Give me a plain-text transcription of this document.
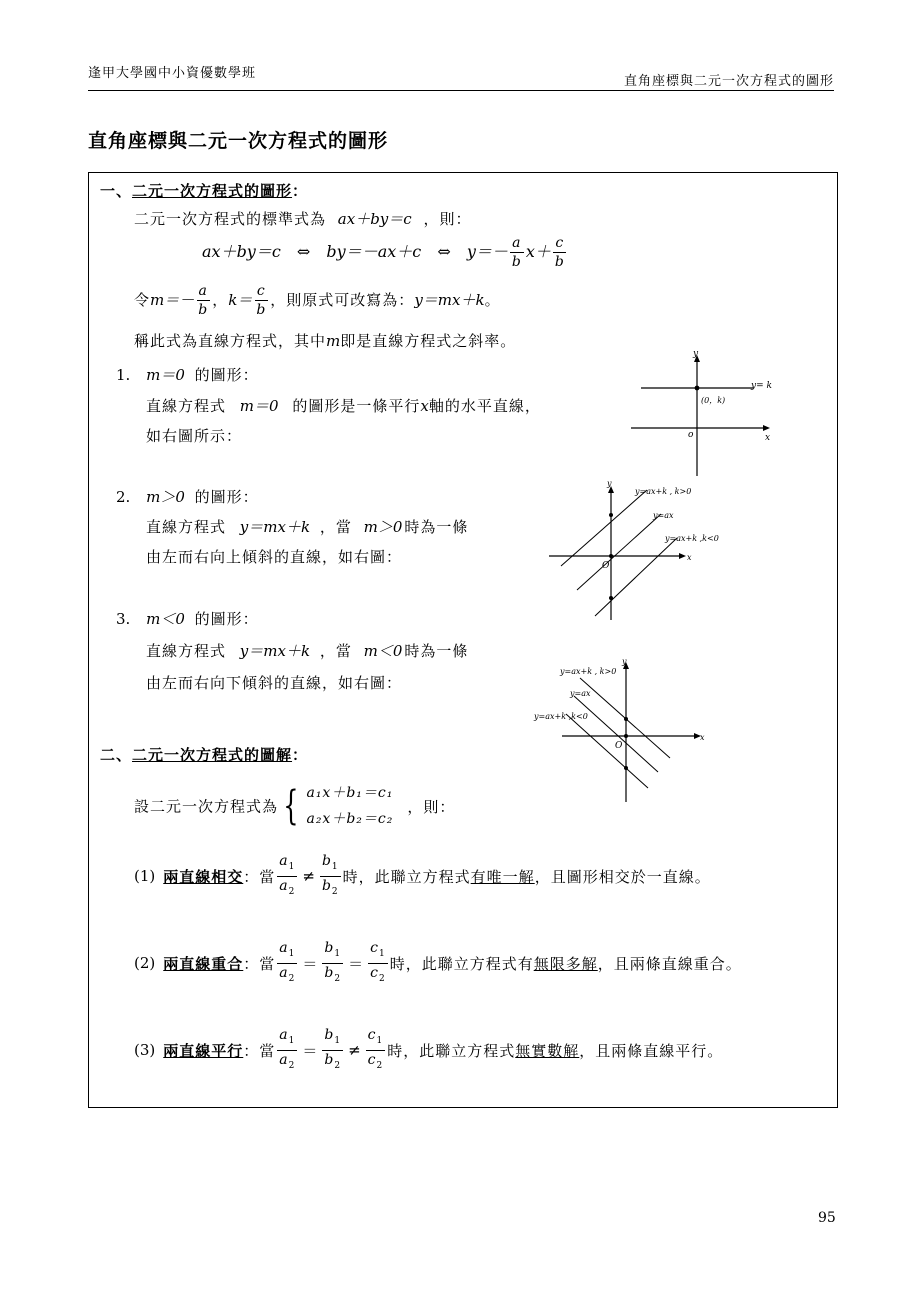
逢甲大學國中小資優數學班
直角座標與二元一次方程式的圖形
直角座標與二元一次方程式的圖形
一、二元一次方程式的圖形：
二元一次方程式的標準式為 ax＋by＝c ，則：
ax＋by＝c ⇔ by＝－ax＋c ⇔ $y=- \frac{a}{b} x+ \frac{c}{b}$
令$m=- \frac{a}{b}$ ，$k= \frac{c}{b}$ ，則原式可改寫為：y＝mx＋k。
稱此式為直線方程式，其中m即是直線方程式之斜率。
1. m＝0 的圖形：
直線方程式 m＝0 的圖形是一條平行x軸的水平直線，
如右圖所示：
y
x
o
y= k
(0，k)
2. m＞0 的圖形：
直線方程式 y＝mx＋k ，當 m＞0 時為一條
由左而右向上傾斜的直線，如右圖：
y
x
O
y=ax+k , k>0
y=ax
y=ax+k ,k<0
3. m＜0 的圖形：
直線方程式 y＝mx＋k ，當 m＜0 時為一條
由左而右向下傾斜的直線，如右圖：
y
x
O
y=ax+k , k>0
y=ax
y=ax+k ,k<0
二、二元一次方程式的圖解：
設二元一次方程式為 { a₁x＋b₁＝c₁
a₂x＋b₂＝c₂
，則：
(1) 兩直線相交：當 $\frac{a_1}{a_2} \ne \frac{b_1}{b_2}$ 時，此聯立方程式有唯一解，且圖形相交於一直線。
(2) 兩直線重合：當 $\frac{a_1}{a_2} = \frac{b_1}{b_2} = \frac{c_1}{c_2}$ 時，此聯立方程式有無限多解，且兩條直線重合。
(3) 兩直線平行：當 $\frac{a_1}{a_2} = \frac{b_1}{b_2} \ne \frac{c_1}{c_2}$ 時，此聯立方程式無實數解，且兩條直線平行。
95
